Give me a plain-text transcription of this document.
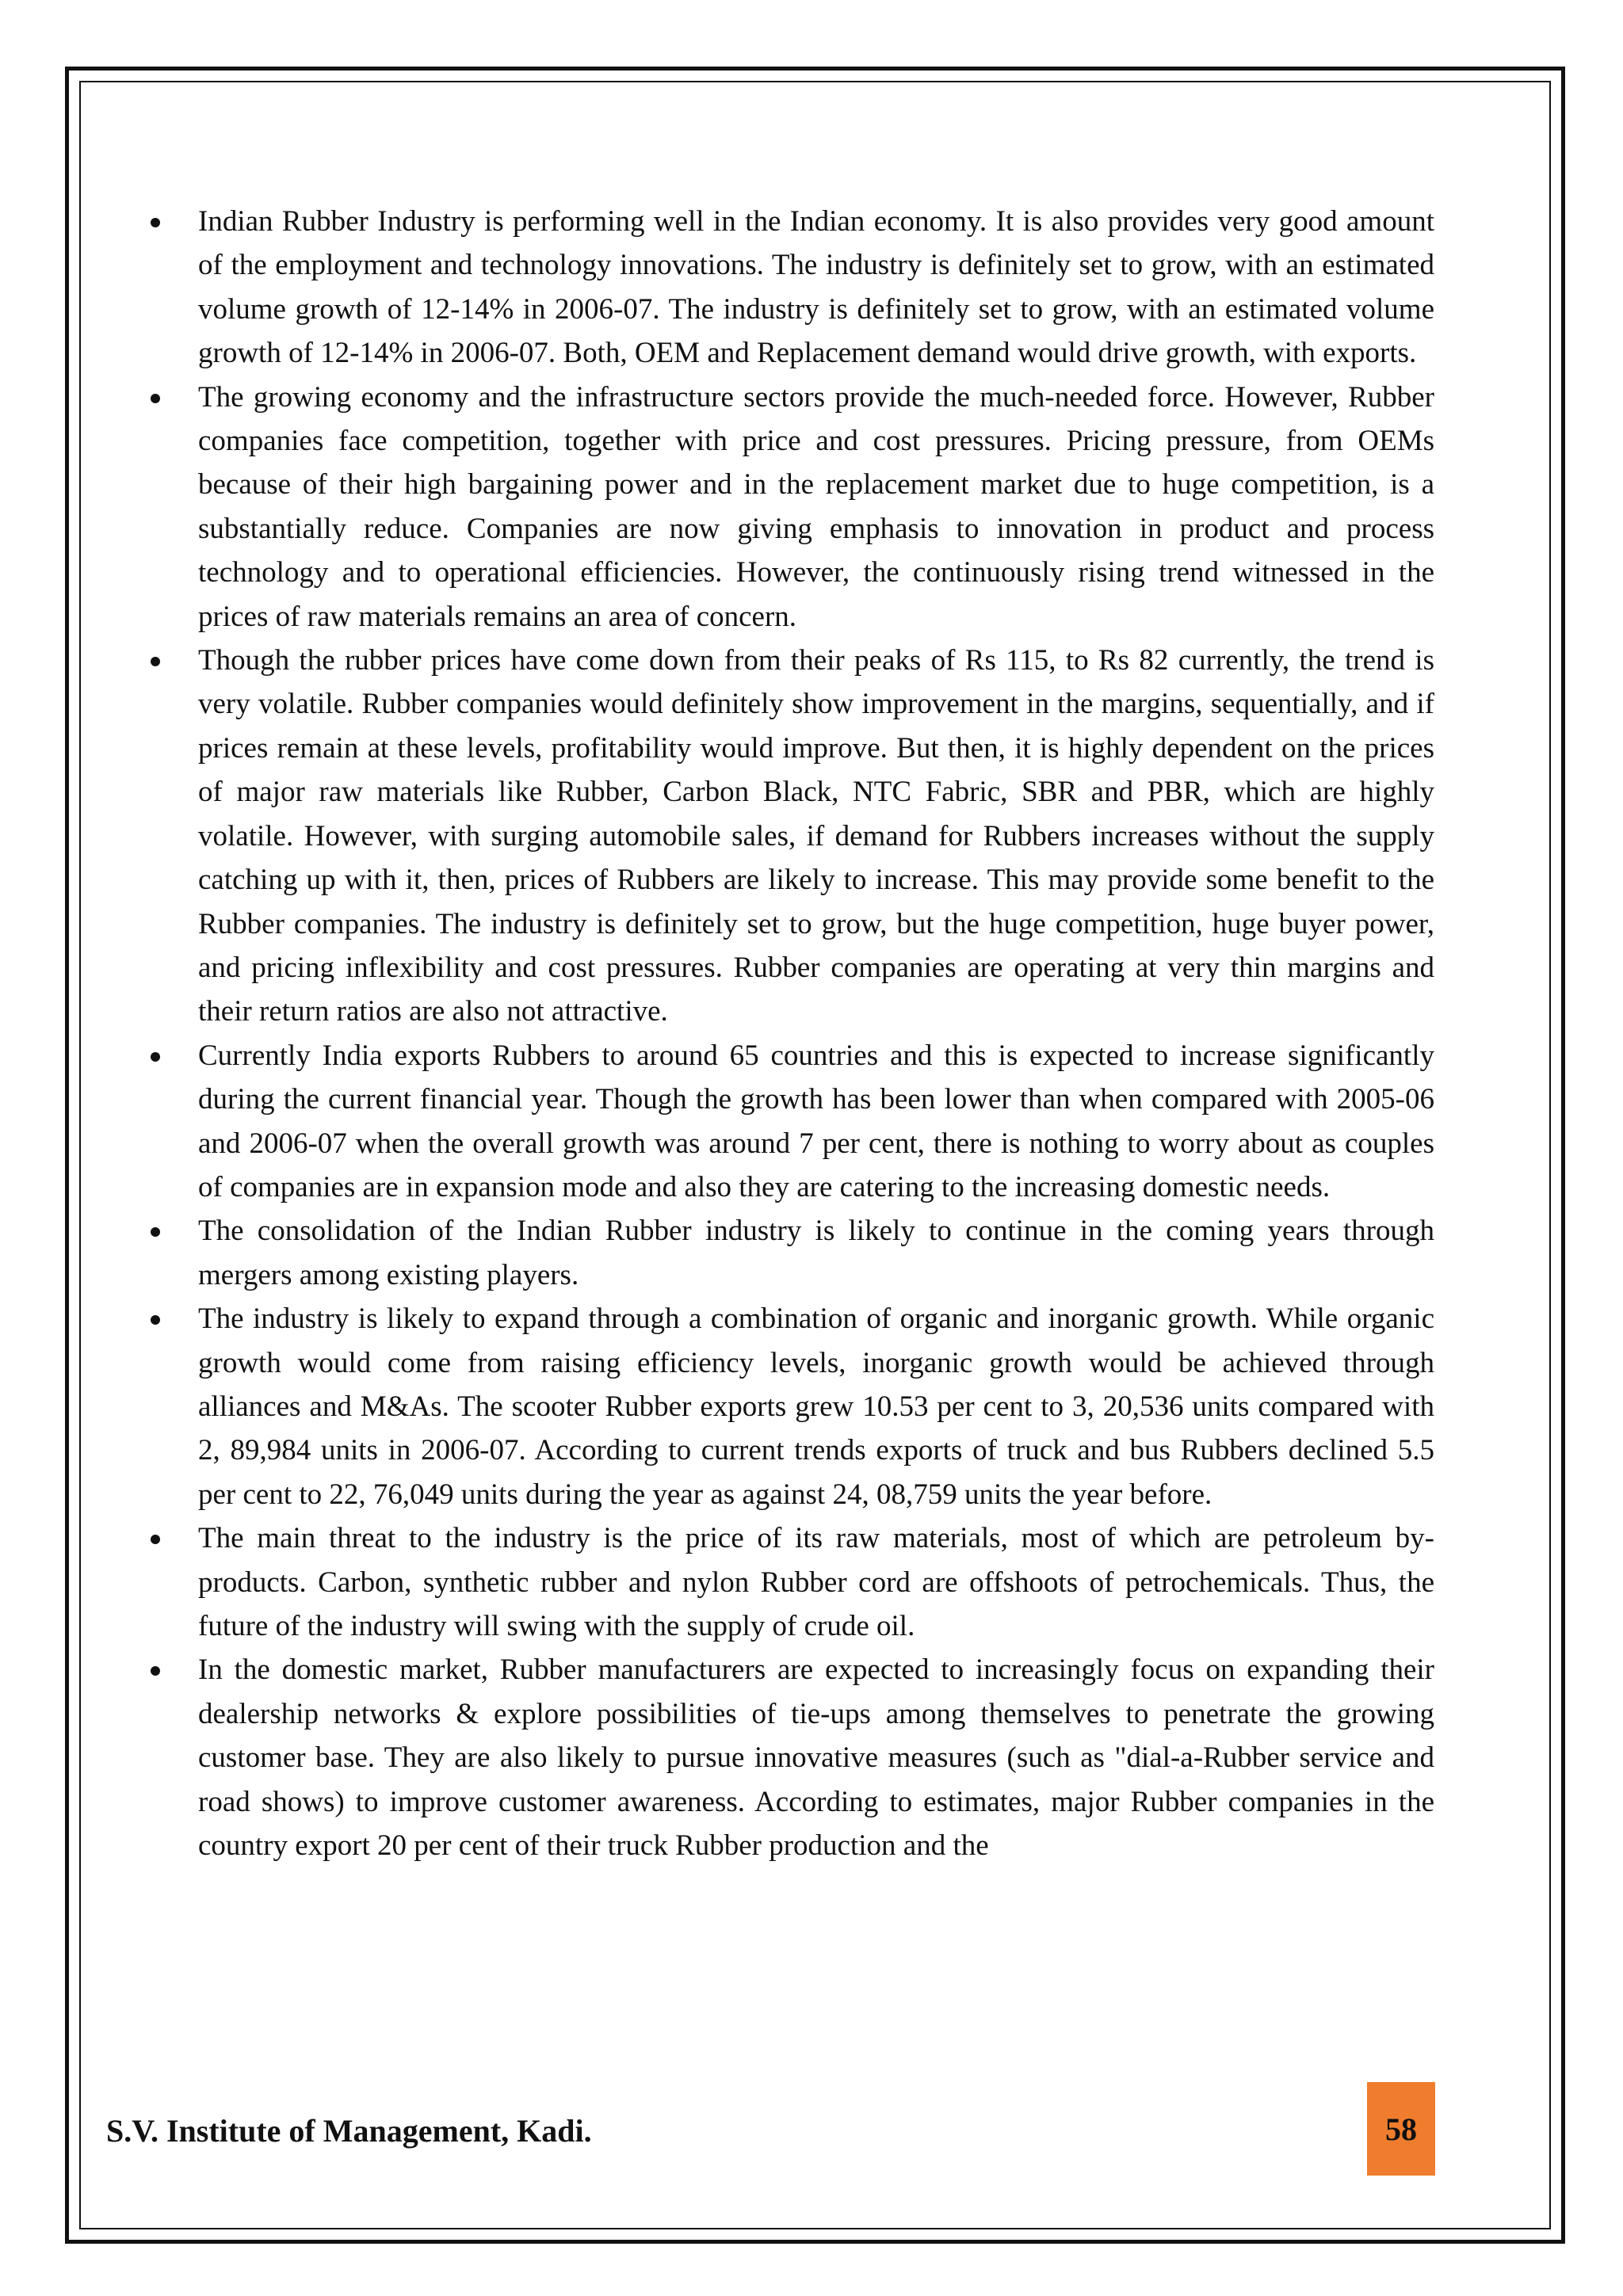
Indian Rubber Industry is performing well in the Indian economy. It is also provides very good amount of the employment and technology innovations. The industry is definitely set to grow, with an estimated volume growth of 12-14% in 2006-07. The industry is definitely set to grow, with an estimated volume growth of 12-14% in 2006-07. Both, OEM and Replacement demand would drive growth, with exports.
The growing economy and the infrastructure sectors provide the much-needed force. However, Rubber companies face competition, together with price and cost pressures. Pricing pressure, from OEMs because of their high bargaining power and in the replacement market due to huge competition, is a substantially reduce. Companies are now giving emphasis to innovation in product and process technology and to operational efficiencies. However, the continuously rising trend witnessed in the prices of raw materials remains an area of concern.
Though the rubber prices have come down from their peaks of Rs 115, to Rs 82 currently, the trend is very volatile. Rubber companies would definitely show improvement in the margins, sequentially, and if prices remain at these levels, profitability would improve. But then, it is highly dependent on the prices of major raw materials like Rubber, Carbon Black, NTC Fabric, SBR and PBR, which are highly volatile. However, with surging automobile sales, if demand for Rubbers increases without the supply catching up with it, then, prices of Rubbers are likely to increase. This may provide some benefit to the Rubber companies. The industry is definitely set to grow, but the huge competition, huge buyer power, and pricing inflexibility and cost pressures. Rubber companies are operating at very thin margins and their return ratios are also not attractive.
Currently India exports Rubbers to around 65 countries and this is expected to increase significantly during the current financial year. Though the growth has been lower than when compared with 2005-06 and 2006-07 when the overall growth was around 7 per cent, there is nothing to worry about as couples of companies are in expansion mode and also they are catering to the increasing domestic needs.
The consolidation of the Indian Rubber industry is likely to continue in the coming years through mergers among existing players.
The industry is likely to expand through a combination of organic and inorganic growth. While organic growth would come from raising efficiency levels, inorganic growth would be achieved through alliances and M&As. The scooter Rubber exports grew 10.53 per cent to 3, 20,536 units compared with 2, 89,984 units in 2006-07. According to current trends exports of truck and bus Rubbers declined 5.5 per cent to 22, 76,049 units during the year as against 24, 08,759 units the year before.
The main threat to the industry is the price of its raw materials, most of which are petroleum by-products. Carbon, synthetic rubber and nylon Rubber cord are offshoots of petrochemicals. Thus, the future of the industry will swing with the supply of crude oil.
In the domestic market, Rubber manufacturers are expected to increasingly focus on expanding their dealership networks & explore possibilities of tie-ups among themselves to penetrate the growing customer base. They are also likely to pursue innovative measures (such as "dial-a-Rubber service and road shows) to improve customer awareness. According to estimates, major Rubber companies in the country export 20 per cent of their truck Rubber production and the
S.V. Institute of Management, Kadi.	58
